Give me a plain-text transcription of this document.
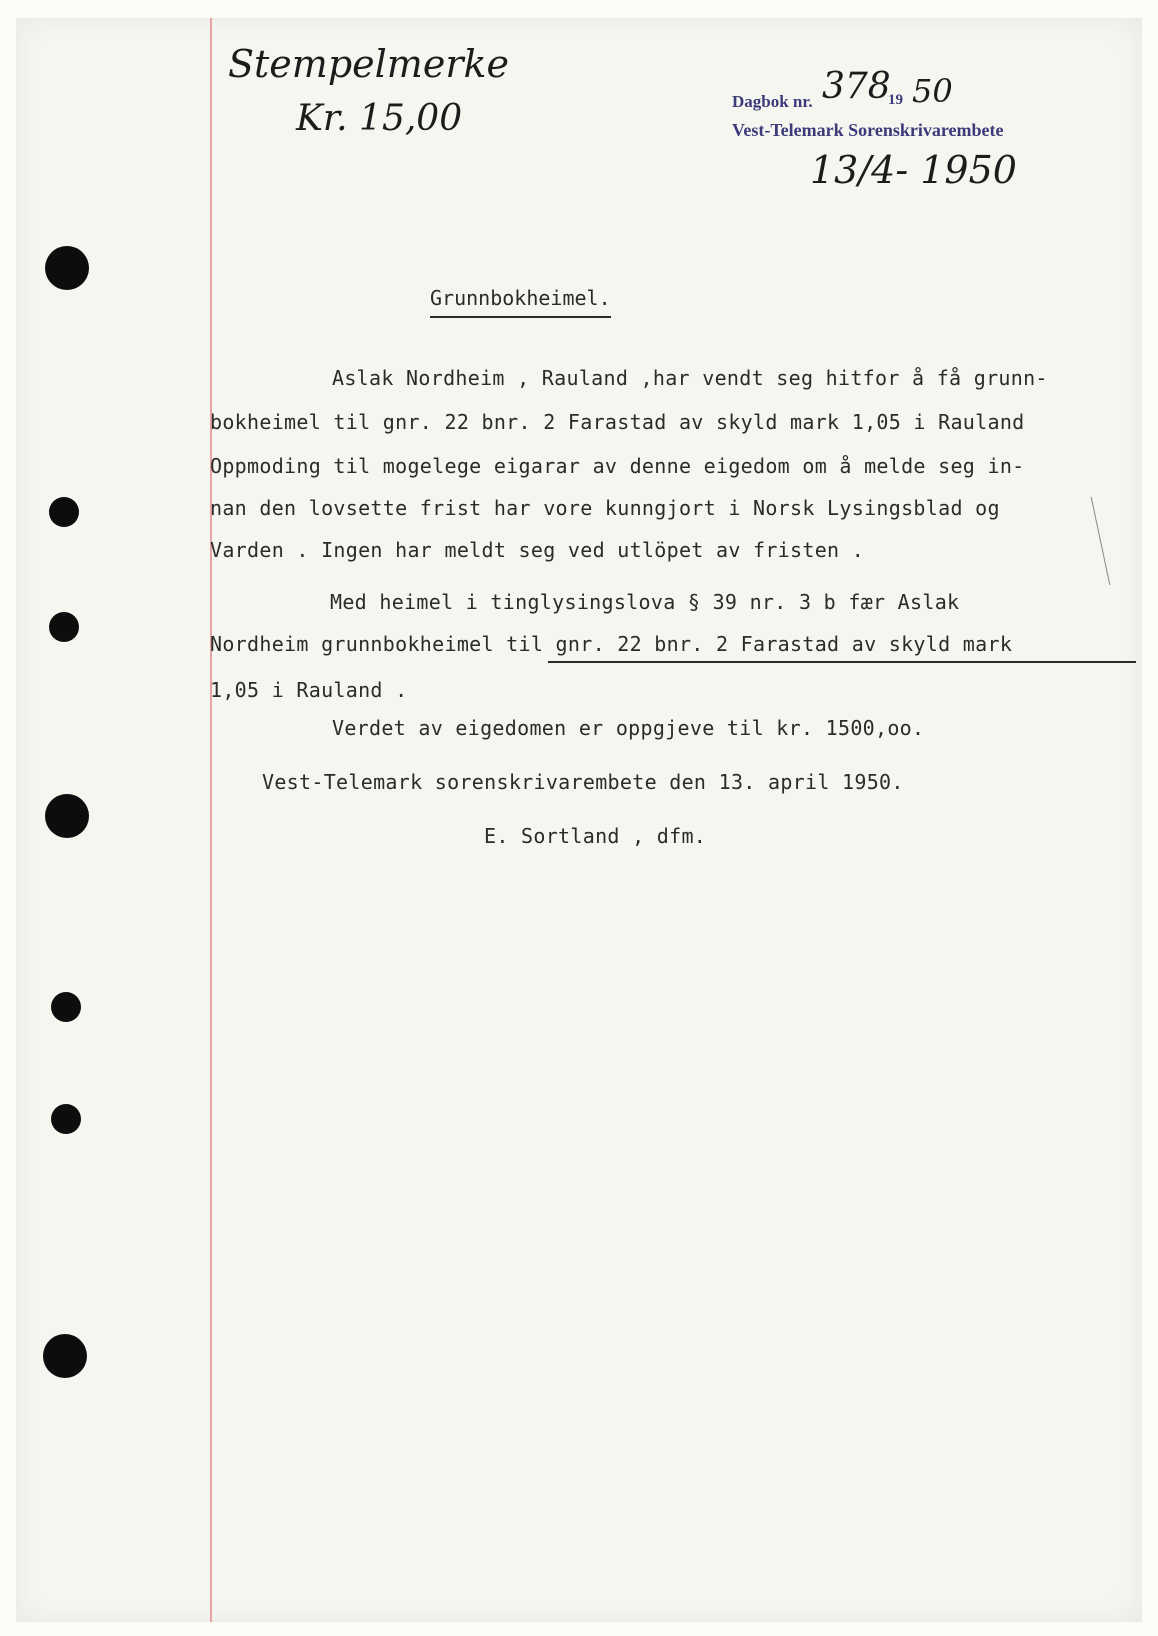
Stempelmerke
Kr. 15,00	Dagbok nr. 378
19 50
Vest-Telemark Sorenskrivarembete
13/4- 1950
Grunnbokheimel.
Aslak Nordheim , Rauland ,har vendt seg hitfor å få grunn-
bokheimel til gnr. 22 bnr. 2 Farastad av skyld mark 1,05 i Rauland
Oppmoding til mogelege eigarar av denne eigedom om å melde seg in-
nan den lovsette frist har vore kunngjort i Norsk Lysingsblad og
Varden . Ingen har meldt seg ved utlöpet av fristen .
Med heimel i tinglysingslova § 39 nr. 3 b fær Aslak
Nordheim grunnbokheimel til gnr. 22 bnr. 2 Farastad av skyld mark
1,05 i Rauland .
Verdet av eigedomen er oppgjeve til kr. 1500,oo.
Vest-Telemark sorenskrivarembete den 13. april 1950.
E. Sortland , dfm.
